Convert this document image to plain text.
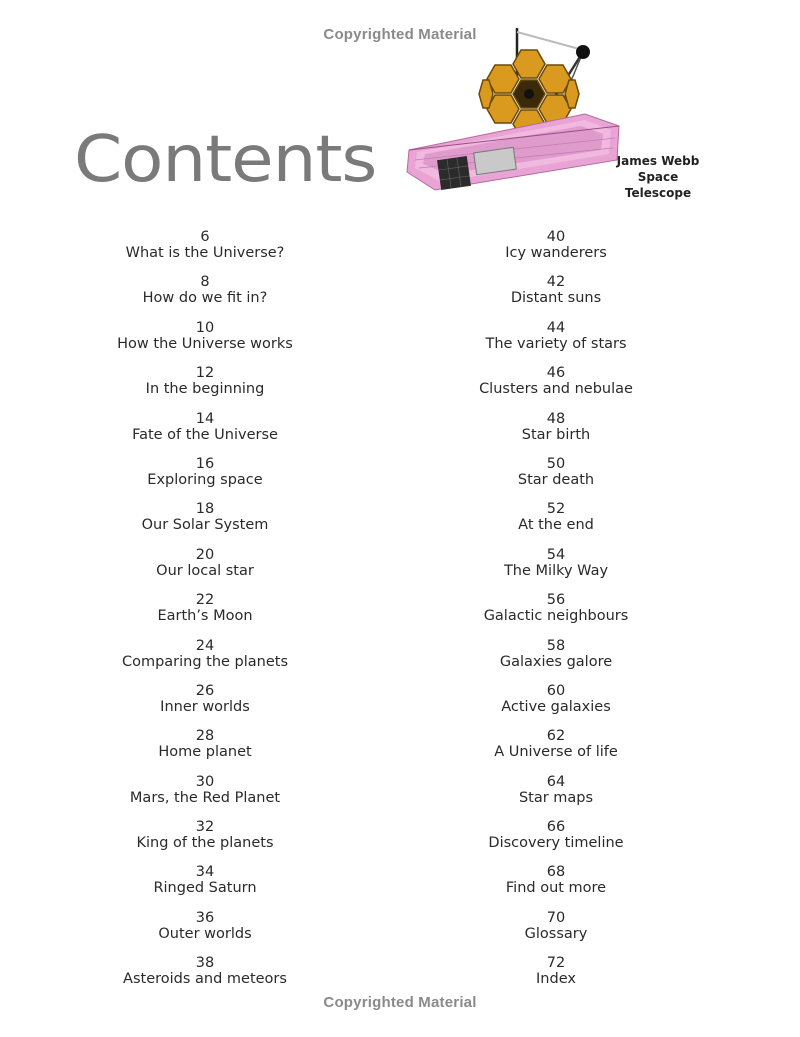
Copyrighted Material
Contents	James Webb
Space Telescope
6
What is the Universe?
8
How do we fit in?
10
How the Universe works
12
In the beginning
14
Fate of the Universe
16
Exploring space
18
Our Solar System
20
Our local star
22
Earth’s Moon
24
Comparing the planets
26
Inner worlds
28
Home planet
30
Mars, the Red Planet
32
King of the planets
34
Ringed Saturn
36
Outer worlds
38
Asteroids and meteors
40
Icy wanderers
42
Distant suns
44
The variety of stars
46
Clusters and nebulae
48
Star birth
50
Star death
52
At the end
54
The Milky Way
56
Galactic neighbours
58
Galaxies galore
60
Active galaxies
62
A Universe of life
64
Star maps
66
Discovery timeline
68
Find out more
70
Glossary
72
Index
Copyrighted Material
